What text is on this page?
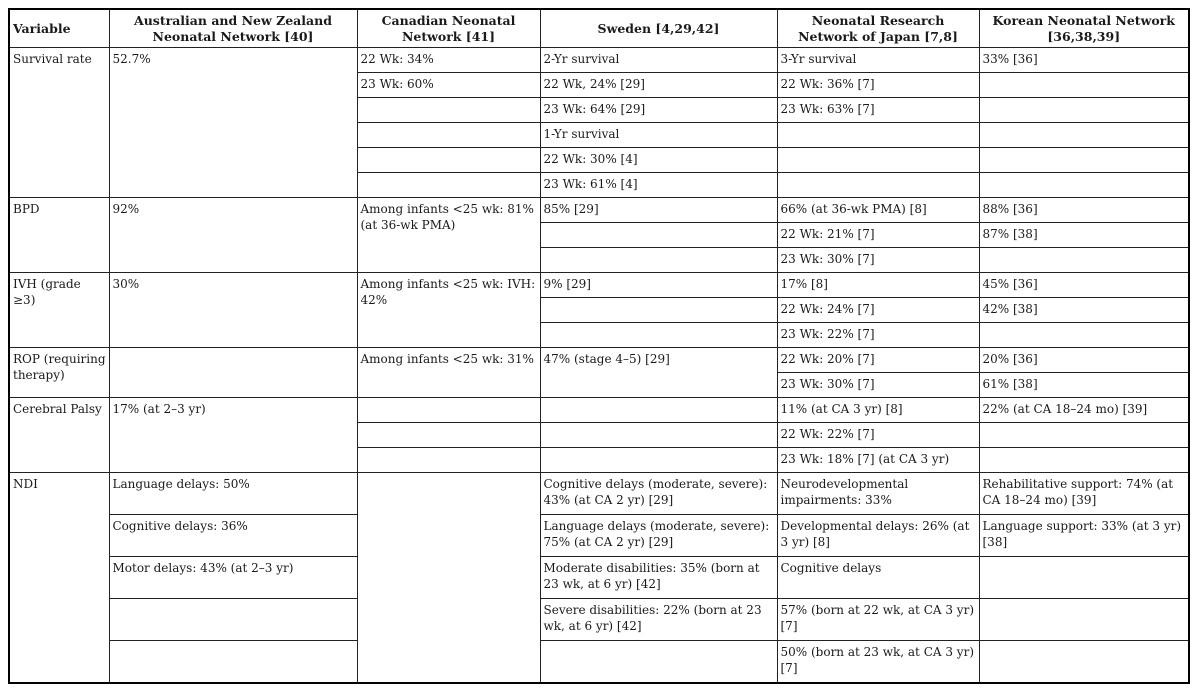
Variable	Australian and New Zealand Neonatal Network [40]	Canadian Neonatal Network [41]	Sweden [4,29,42]	Neonatal Research Network of Japan [7,8]	Korean Neonatal Network [36,38,39]
Survival rate	52.7%	22 Wk: 34%	2-Yr survival	3-Yr survival	33% [36]
		23 Wk: 60%	22 Wk, 24% [29]	22 Wk: 36% [7]	
			23 Wk: 64% [29]	23 Wk: 63% [7]	
			1-Yr survival		
			22 Wk: 30% [4]		
			23 Wk: 61% [4]		
BPD	92%	Among infants <25 wk: 81% (at 36-wk PMA)	85% [29]	66% (at 36-wk PMA) [8]	88% [36]
				22 Wk: 21% [7]	87% [38]
				23 Wk: 30% [7]	
IVH (grade ≥3)	30%	Among infants <25 wk: IVH: 42%	9% [29]	17% [8]	45% [36]
				22 Wk: 24% [7]	42% [38]
				23 Wk: 22% [7]	
ROP (requiring therapy)		Among infants <25 wk: 31%	47% (stage 4–5) [29]	22 Wk: 20% [7]	20% [36]
				23 Wk: 30% [7]	61% [38]
Cerebral Palsy	17% (at 2–3 yr)			11% (at CA 3 yr) [8]	22% (at CA 18–24 mo) [39]
				22 Wk: 22% [7]	
				23 Wk: 18% [7] (at CA 3 yr)	
NDI	Language delays: 50%		Cognitive delays (moderate, severe): 43% (at CA 2 yr) [29]	Neurodevelopmental impairments: 33%	Rehabilitative support: 74% (at CA 18–24 mo) [39]
	Cognitive delays: 36%		Language delays (moderate, severe): 75% (at CA 2 yr) [29]	Developmental delays: 26% (at 3 yr) [8]	Language support: 33% (at 3 yr) [38]
	Motor delays: 43% (at 2–3 yr)		Moderate disabilities: 35% (born at 23 wk, at 6 yr) [42]	Cognitive delays	
			Severe disabilities: 22% (born at 23 wk, at 6 yr) [42]	57% (born at 22 wk, at CA 3 yr) [7]	
				50% (born at 23 wk, at CA 3 yr) [7]	
